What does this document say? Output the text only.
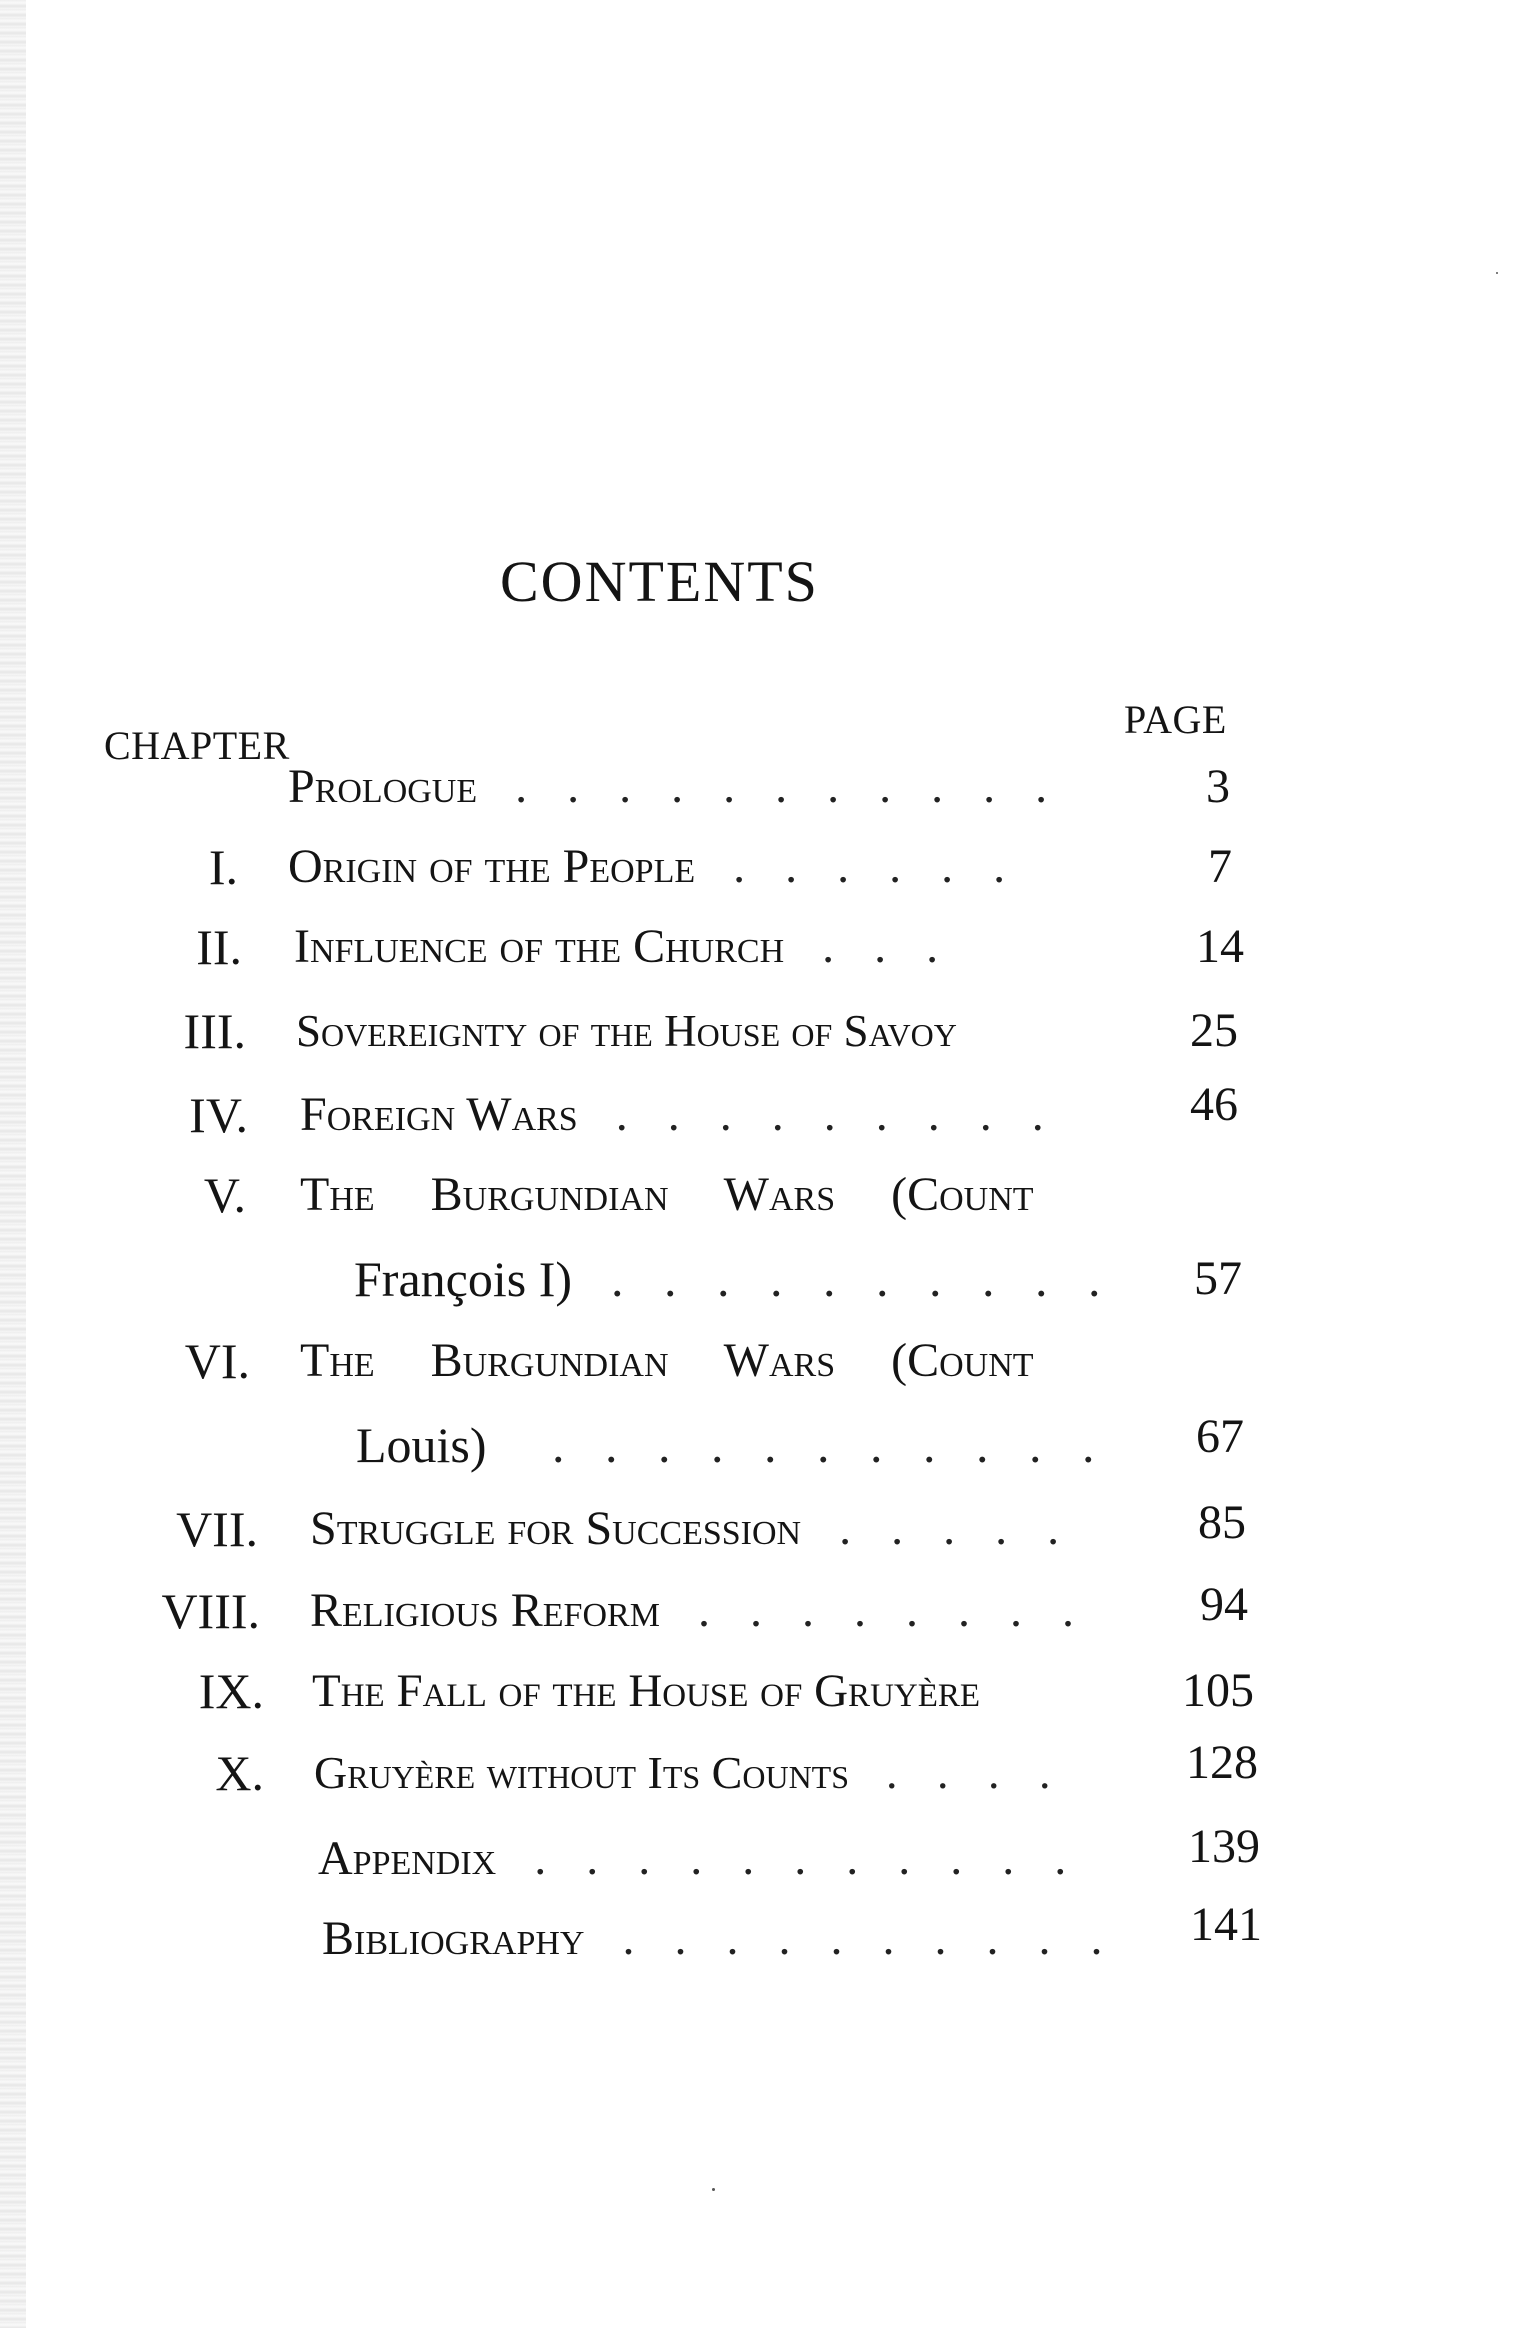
CONTENTS
CHAPTER
PAGE
Prologue  . . . . . . . . . . .	3
I. Origin of the People  . . . . . .	7
II. Influence of the Church  . . .	14
III. Sovereignty of the House of Savoy	25
IV. Foreign Wars  . . . . . . . . .	46
V. The Burgundian Wars (Count
François I)  . . . . . . . . . . 57
VI. The Burgundian Wars (Count
Louis)   . . . . . . . . . . . 67
VII. Struggle for Succession  . . . . .	85
VIII. Religious Reform  . . . . . . . . 94
IX. The Fall of the House of Gruyère	105
X. Gruyère without Its Counts  . . . .	128
Appendix  . . . . . . . . . . . 139
Bibliography  . . . . . . . . . . 141
